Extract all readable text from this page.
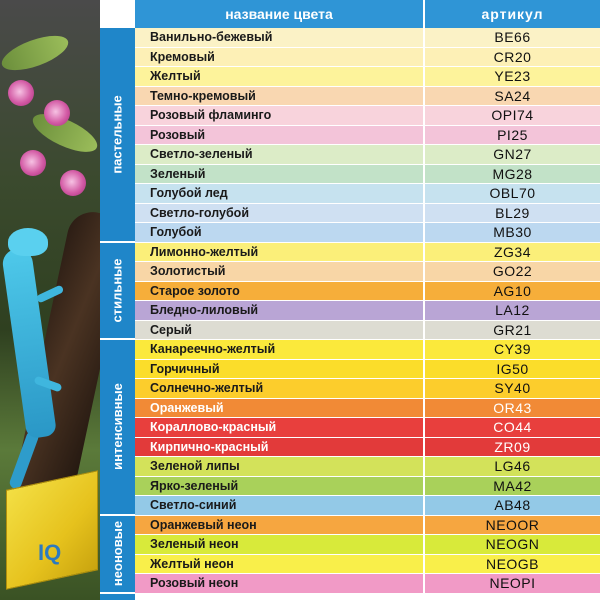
IQ
название цвета	артикул
пастельные
стильные
интенсивные
неоновые
Ванильно-бежевый	BE66
Кремовый	CR20
Желтый	YE23
Темно-кремовый	SA24
Розовый фламинго	OPI74
Розовый	PI25
Светло-зеленый	GN27
Зеленый	MG28
Голубой лед	OBL70
Светло-голубой	BL29
Голубой	MB30
Лимонно-желтый	ZG34
Золотистый	GO22
Старое золото	AG10
Бледно-лиловый	LA12
Серый	GR21
Канареечно-желтый	CY39
Горчичный	IG50
Солнечно-желтый	SY40
Оранжевый	OR43
Кораллово-красный	CO44
Кирпично-красный	ZR09
Зеленой липы	LG46
Ярко-зеленый	MA42
Светло-синий	AB48
Оранжевый неон	NEOOR
Зеленый неон	NEOGN
Желтый неон	NEOGB
Розовый неон	NEOPI
